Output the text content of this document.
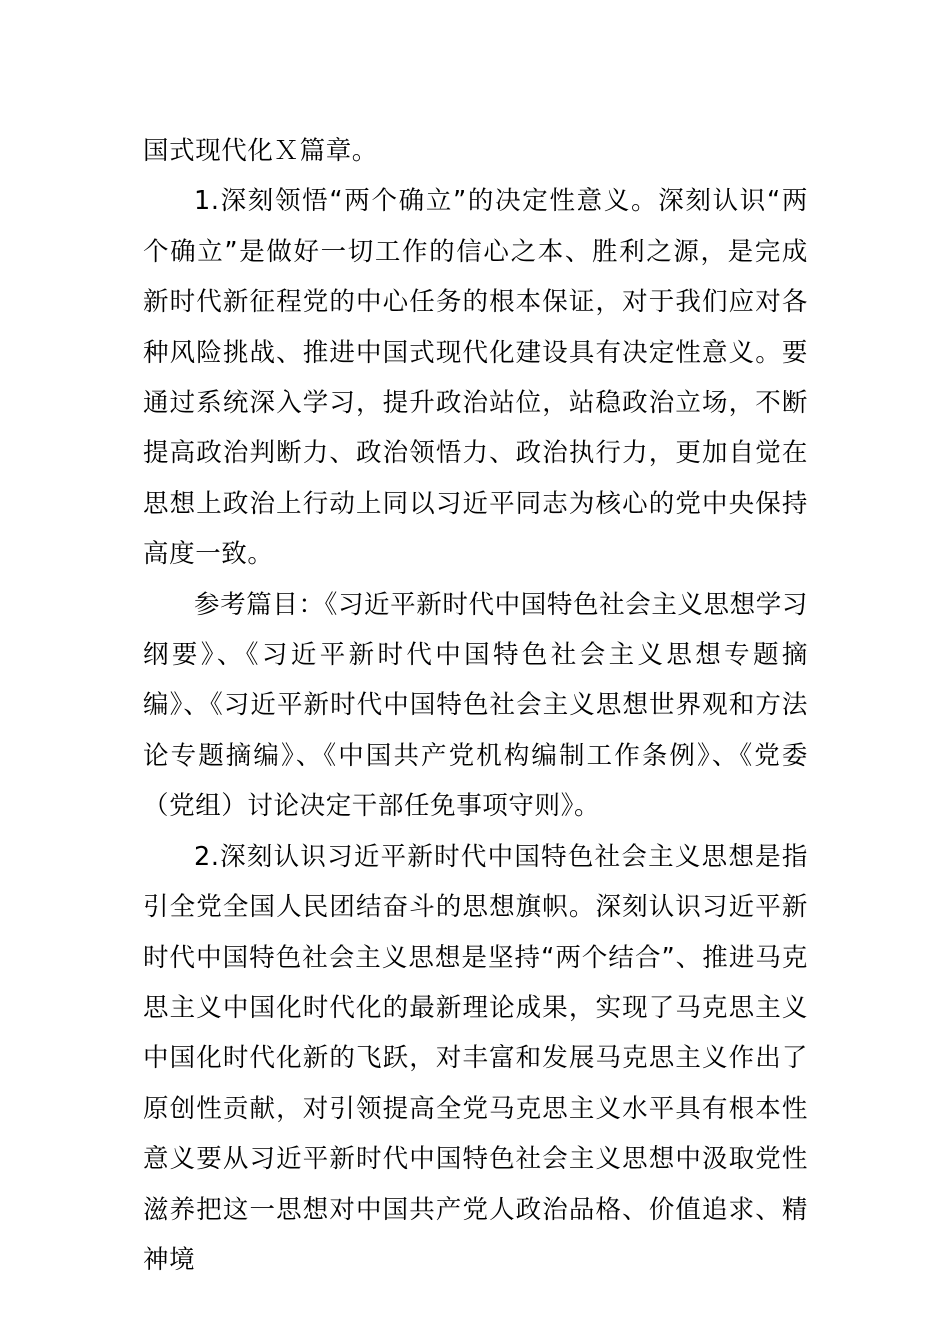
国式现代化Ｘ篇章。

1.深刻领悟“两个确立”的决定性意义。深刻认识“两个确立”是做好一切工作的信心之本、胜利之源，是完成新时代新征程党的中心任务的根本保证，对于我们应对各种风险挑战、推进中国式现代化建设具有决定性意义。要通过系统深入学习，提升政治站位，站稳政治立场，不断提高政治判断力、政治领悟力、政治执行力，更加自觉在思想上政治上行动上同以习近平同志为核心的党中央保持高度一致。

参考篇目：《习近平新时代中国特色社会主义思想学习纲要》、《习近平新时代中国特色社会主义思想专题摘编》、《习近平新时代中国特色社会主义思想世界观和方法论专题摘编》、《中国共产党机构编制工作条例》、《党委（党组）讨论决定干部任免事项守则》。

2.深刻认识习近平新时代中国特色社会主义思想是指引全党全国人民团结奋斗的思想旗帜。深刻认识习近平新时代中国特色社会主义思想是坚持“两个结合”、推进马克思主义中国化时代化的最新理论成果，实现了马克思主义中国化时代化新的飞跃，对丰富和发展马克思主义作出了原创性贡献，对引领提高全党马克思主义水平具有根本性意义要从习近平新时代中国特色社会主义思想中汲取党性滋养把这一思想对中国共产党人政治品格、价值追求、精神境
